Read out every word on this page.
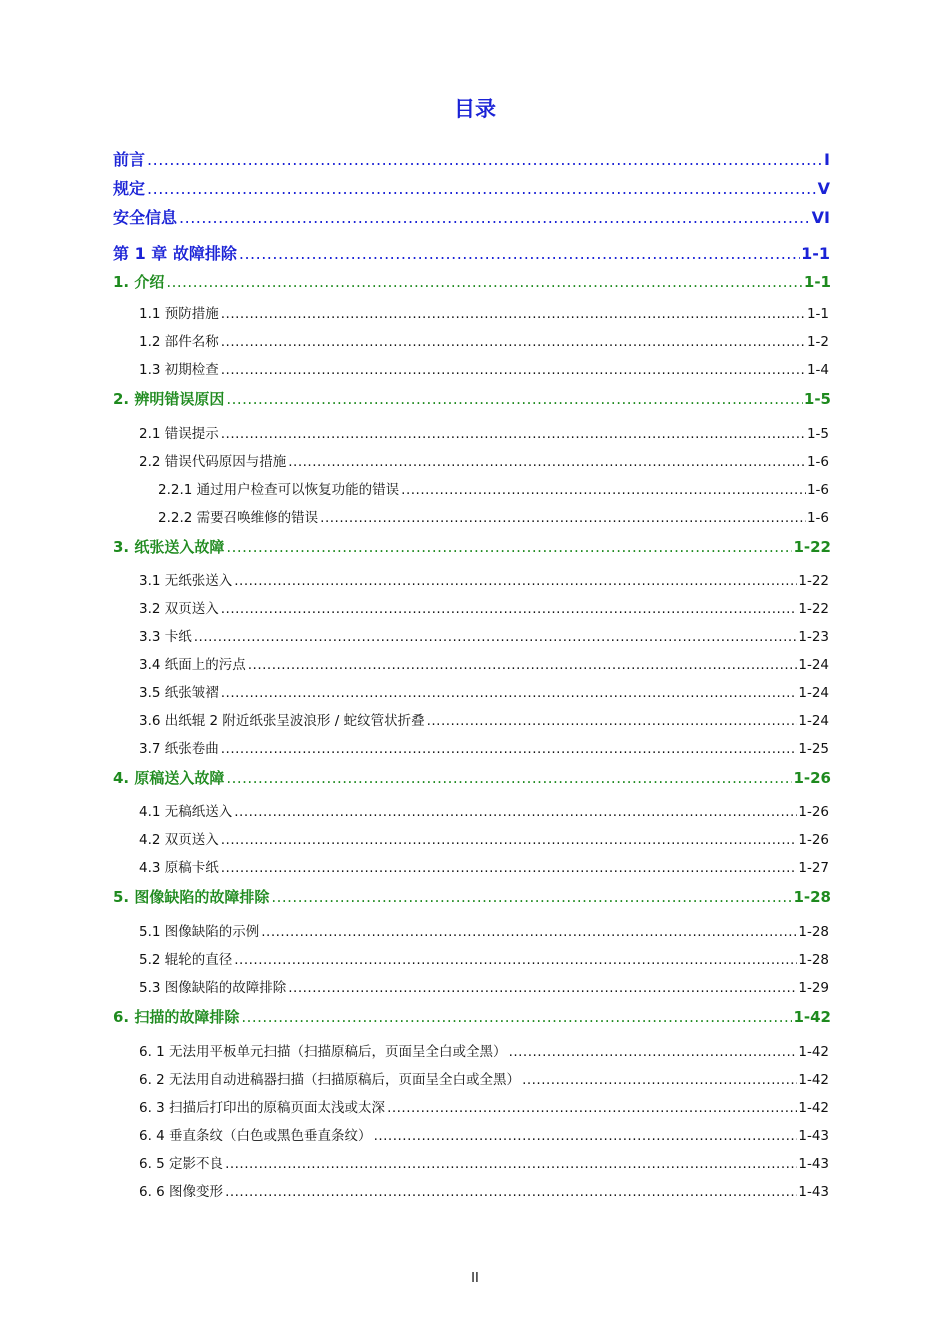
目录
前言 .....	I
规定 .....	V
安全信息 .....	VI
第 1 章 故障排除 .....	1-1
1. 介绍 .....	1-1
1.1 预防措施 .....	1-1
1.2 部件名称 .....	1-2
1.3 初期检查 .....	1-4
2. 辨明错误原因 .....	1-5
2.1 错误提示 .....	1-5
2.2 错误代码原因与措施 .....	1-6
2.2.1 通过用户检查可以恢复功能的错误 .....	1-6
2.2.2 需要召唤维修的错误 .....	1-6
3. 纸张送入故障 .....	1-22
3.1 无纸张送入 .....	1-22
3.2 双页送入 .....	1-22
3.3 卡纸 .....	1-23
3.4 纸面上的污点 .....	1-24
3.5 纸张皱褶 .....	1-24
3.6 出纸辊 2 附近纸张呈波浪形 / 蛇纹管状折叠 .....	1-24
3.7 纸张卷曲 .....	1-25
4. 原稿送入故障 .....	1-26
4.1 无稿纸送入 .....	1-26
4.2 双页送入 .....	1-26
4.3 原稿卡纸 .....	1-27
5. 图像缺陷的故障排除 .....	1-28
5.1 图像缺陷的示例 .....	1-28
5.2 辊轮的直径 .....	1-28
5.3 图像缺陷的故障排除 .....	1-29
6. 扫描的故障排除 .....	1-42
6. 1 无法用平板单元扫描（扫描原稿后，页面呈全白或全黑） .....	1-42
6. 2 无法用自动进稿器扫描（扫描原稿后，页面呈全白或全黑） .....	1-42
6. 3 扫描后打印出的原稿页面太浅或太深 .....	1-42
6. 4 垂直条纹（白色或黑色垂直条纹） .....	1-43
6. 5 定影不良 .....	1-43
6. 6 图像变形 .....	1-43
II
